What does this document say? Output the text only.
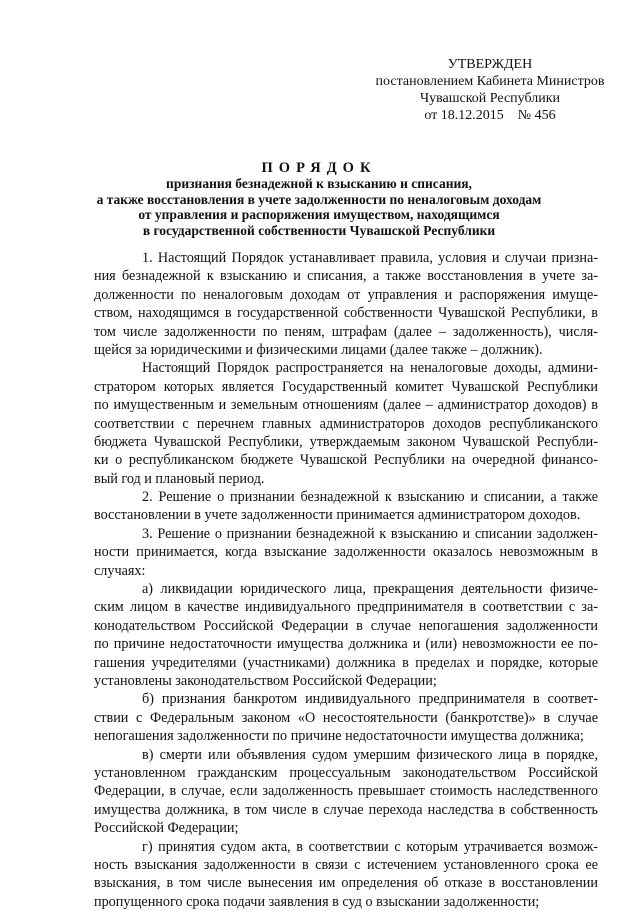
УТВЕРЖДЕН
постановлением Кабинета Министров
Чувашской Республики
от 18.12.2015    № 456
ПОРЯДОК
признания безнадежной к взысканию и списания,
а также восстановления в учете задолженности по неналоговым доходам
от управления и распоряжения имуществом, находящимся
в государственной собственности Чувашской Республики
1. Настоящий Порядок устанавливает правила, условия и случаи призна-
ния безнадежной к взысканию и списания, а также восстановления в учете за-
долженности по неналоговым доходам от управления и распоряжения имуще-
ством, находящимся в государственной собственности Чувашской Республики, в
том числе задолженности по пеням, штрафам (далее – задолженность), числя-
щейся за юридическими и физическими лицами (далее также – должник).
Настоящий Порядок распространяется на неналоговые доходы, админи-
стратором которых является Государственный комитет Чувашской Республики
по имущественным и земельным отношениям (далее – администратор доходов) в
соответствии с перечнем главных администраторов доходов республиканского
бюджета Чувашской Республики, утверждаемым законом Чувашской Республи-
ки о республиканском бюджете Чувашской Республики на очередной финансо-
вый год и плановый период.
2. Решение о признании безнадежной к взысканию и списании, а также
восстановлении в учете задолженности принимается администратором доходов.
3. Решение о признании безнадежной к взысканию и списании задолжен-
ности принимается, когда взыскание задолженности оказалось невозможным в
случаях:
а) ликвидации юридического лица, прекращения деятельности физиче-
ским лицом в качестве индивидуального предпринимателя в соответствии с за-
конодательством Российской Федерации в случае непогашения задолженности
по причине недостаточности имущества должника и (или) невозможности ее по-
гашения учредителями (участниками) должника в пределах и порядке, которые
установлены законодательством Российской Федерации;
б) признания банкротом индивидуального предпринимателя в соответ-
ствии с Федеральным законом «О несостоятельности (банкротстве)» в случае
непогашения задолженности по причине недостаточности имущества должника;
в) смерти или объявления судом умершим физического лица в порядке,
установленном гражданским процессуальным законодательством Российской
Федерации, в случае, если задолженность превышает стоимость наследственного
имущества должника, в том числе в случае перехода наследства в собственность
Российской Федерации;
г) принятия судом акта, в соответствии с которым утрачивается возмож-
ность взыскания задолженности в связи с истечением установленного срока ее
взыскания, в том числе вынесения им определения об отказе в восстановлении
пропущенного срока подачи заявления в суд о взыскании задолженности;
